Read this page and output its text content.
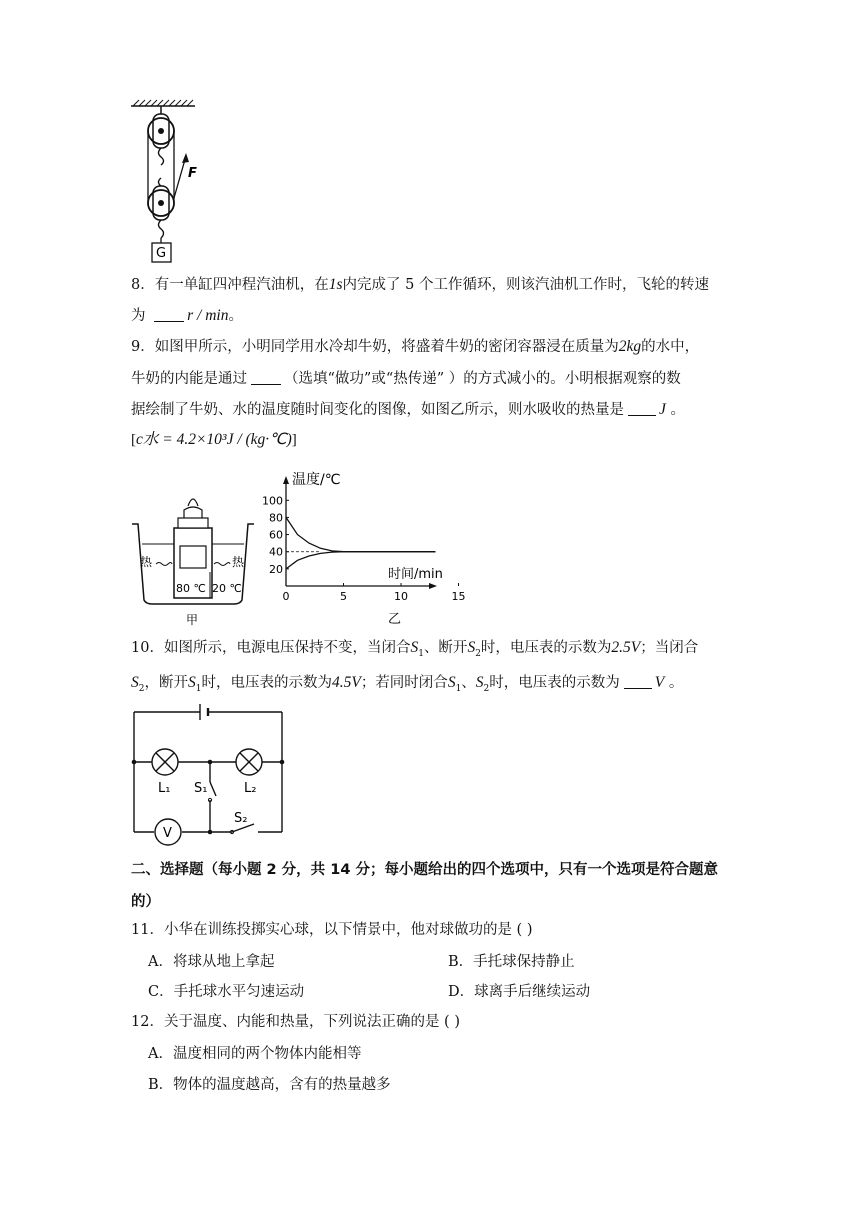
F
G
8．有一单缸四冲程汽油机，在1s内完成了 5 个工作循环，则该汽油机工作时，飞轮的转速
为	r / min。
9．如图甲所示，小明同学用水冷却牛奶，将盛着牛奶的密闭容器浸在质量为2kg的水中，
牛奶的内能是通过	（选填“做功”或“热传递” ）的方式减小的。小明根据观察的数
据绘制了牛奶、水的温度随时间变化的图像，如图乙所示，则水吸收的热量是 J 。
[c水 = 4.2×10³J / (kg·℃)]
热	热
80 ℃ 20 ℃
甲
20
40
60
80
100
0	5	10	15
温度/℃
时间/min
乙
10．如图所示，电源电压保持不变，当闭合$S_1$、断开$S_2$时，电压表的示数为2.5V；当闭合
$S_2$，断开$S_1$时，电压表的示数为4.5V；若同时闭合$S_1$、$S_2$时，电压表的示数为 V 。
L₁	L₂
S₁
S₂
V
二、选择题（每小题 2 分，共 14 分；每小题给出的四个选项中，只有一个选项是符合题意
的）
11．小华在训练投掷实心球，以下情景中，他对球做功的是 ( )
A．将球从地上拿起	B．手托球保持静止
C．手托球水平匀速运动	D．球离手后继续运动
12．关于温度、内能和热量，下列说法正确的是 ( )
A．温度相同的两个物体内能相等
B．物体的温度越高，含有的热量越多
